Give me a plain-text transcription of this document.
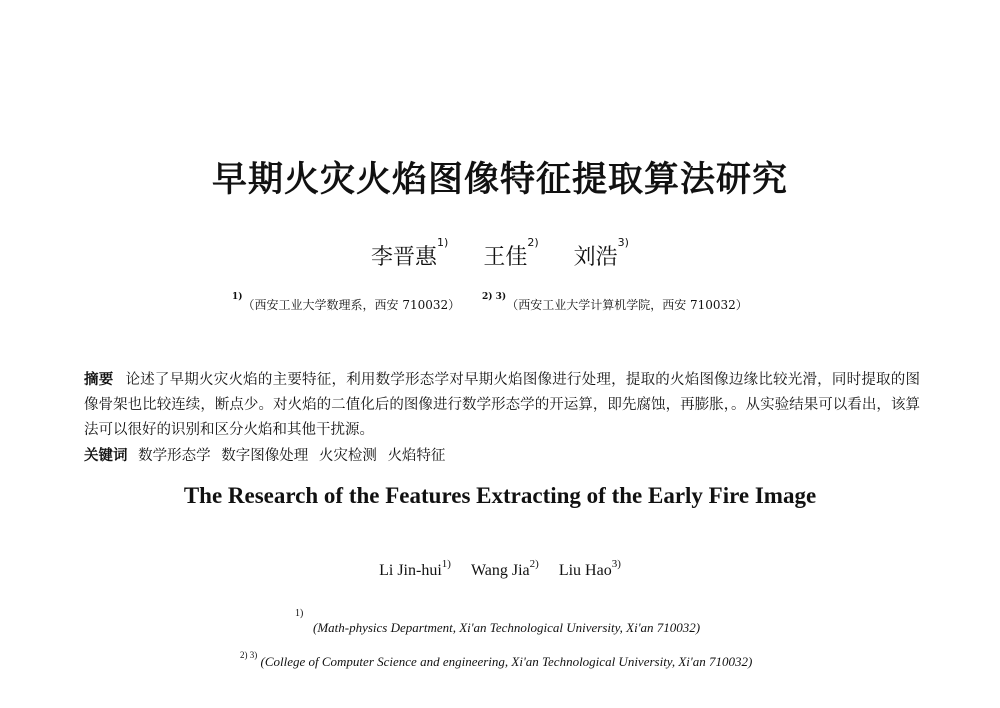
早期火灾火焰图像特征提取算法研究
李晋惠$^{1)}$ 王佳$^{2)}$ 刘浩$^{3)}$
$^{1)}$（西安工业大学数理系，西安 710032）
$^{2) 3)}$（西安工业大学计算机学院，西安 710032）
摘要 论述了早期火灾火焰的主要特征，利用数学形态学对早期火焰图像进行处理，提取的火焰图像边缘比较光滑，同时提取的图像骨架也比较连续，断点少。对火焰的二值化后的图像进行数学形态学的开运算，即先腐蚀，再膨胀，。从实验结果可以看出，该算法可以很好的识别和区分火焰和其他干扰源。
关键词 数学形态学 数字图像处理 火灾检测 火焰特征
The Research of the Features Extracting of the Early Fire Image
Li Jin-hui$^{1)}$ Wang Jia$^{2)}$ Liu Hao$^{3)}$
1)
(Math-physics Department, Xi'an Technological University, Xi'an 710032)
$^{2) 3)}$ (College of Computer Science and engineering, Xi'an Technological University, Xi'an 710032)
